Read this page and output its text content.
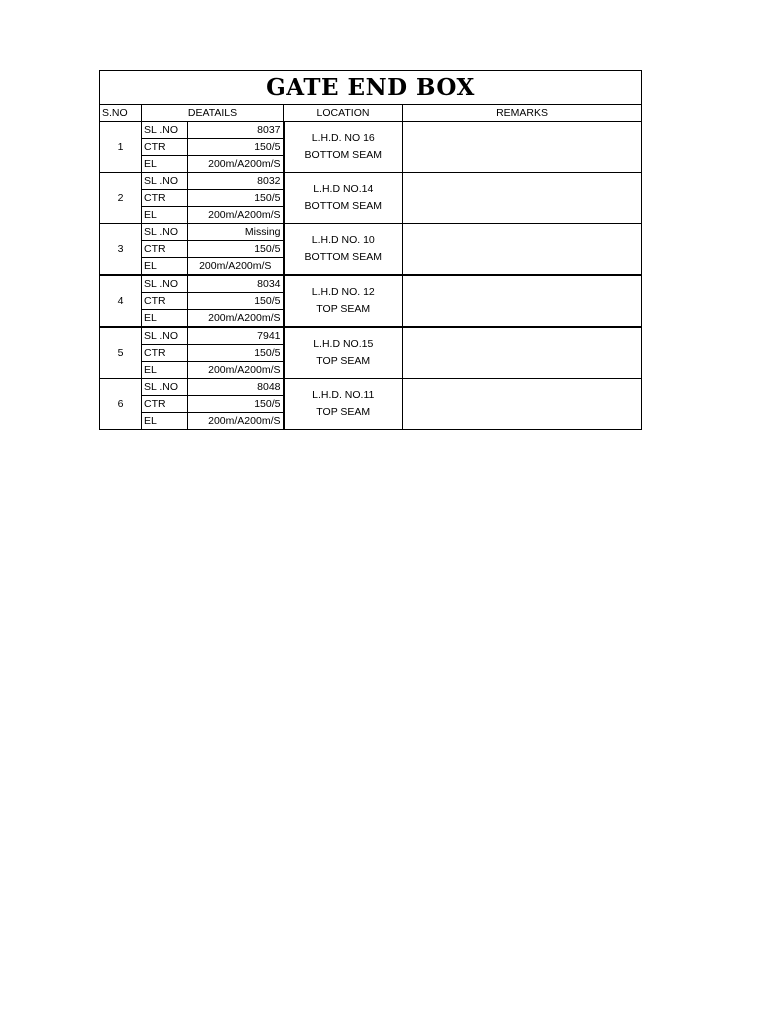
GATE END BOX				
S.NO	DEATAILS		LOCATION	REMARKS
1	SL .NO	8037	L.H.D. NO 16
BOTTOM SEAM	

	CTR	150/5		
	EL	200m/A200m/S		
2	SL .NO	8032	L.H.D NO.14
BOTTOM SEAM	

	CTR	150/5		
	EL	200m/A200m/S		
3	SL .NO	Missing	L.H.D NO. 10
BOTTOM SEAM	

	CTR	150/5		
	EL	200m/A200m/S		
4	SL .NO	8034	L.H.D NO. 12
TOP SEAM	

	CTR	150/5		
	EL	200m/A200m/S		
5	SL .NO	7941	L.H.D NO.15
TOP SEAM	

	CTR	150/5		
	EL	200m/A200m/S		
6	SL .NO	8048	L.H.D. NO.11
TOP SEAM	

	CTR	150/5		
	EL	200m/A200m/S		
